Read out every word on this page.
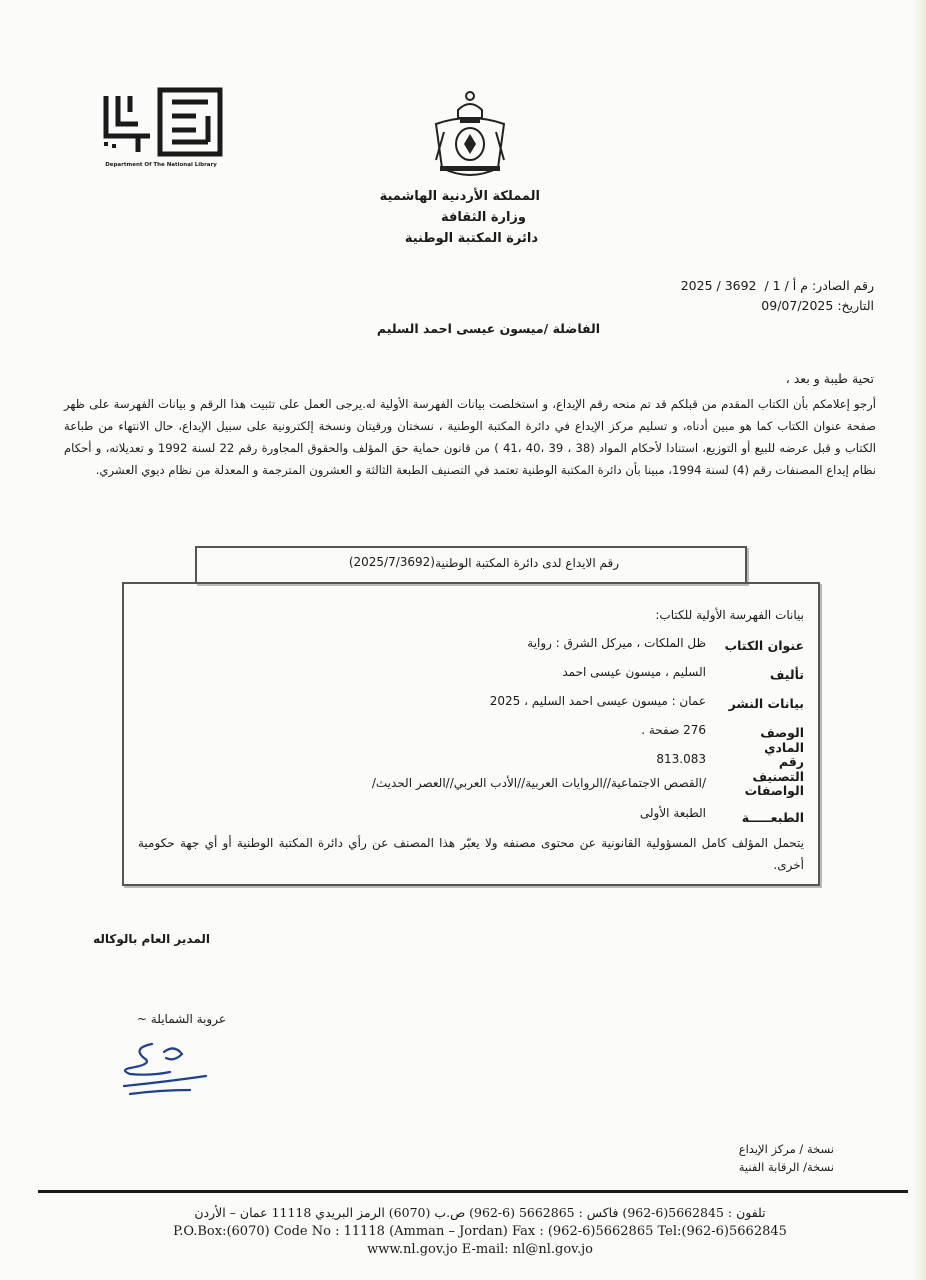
Department Of The National Library
المملكة الأردنية الهاشمية
وزارة الثقافة
دائرة المكتبة الوطنية
رقم الصادر: م أ / 1 / 2025 / 3692
التاريخ: 09/07/2025
الفاضلة /ميسون عيسى احمد السليم
تحية طيبة و بعد ،
أرجو إعلامكم بأن الكتاب المقدم من قبلكم قد تم منحه رقم الإيداع، و استخلصت بيانات الفهرسة الأولية له.يرجى العمل على تثبيت هذا الرقم و بيانات الفهرسة على ظهر صفحة عنوان الكتاب كما هو مبين أدناه، و تسليم مركز الإيداع في دائرة المكتبة الوطنية ، نسختان ورقيتان ونسخة إلكترونية على سبيل الإيداع، حال الانتهاء من طباعة الكتاب و قبل عرضه للبيع أو التوزيع، استنادا لأحكام المواد (38 ، 39 ،40 ،41 ) من قانون حماية حق المؤلف والحقوق المجاورة رقم 22 لسنة 1992 و تعديلاته، و أحكام نظام إيداع المصنفات رقم (4) لسنة 1994، مبينا بأن دائرة المكتبة الوطنية تعتمد في التصنيف الطبعة الثالثة و العشرون المترجمة و المعدلة من نظام ديوي العشري.
رقم الايداع لدى دائرة المكتبة الوطنية
(2025/7/3692)
بيانات الفهرسة الأولية للكتاب:
عنوان الكتاب
ظل الملكات ، ميركل الشرق : رواية
تأليف
السليم ، ميسون عيسى احمد
بيانات النشر
عمان : ميسون عيسى احمد السليم ، 2025
الوصف المادي
276 صفحة .
رقم التصنيف
813.083
الواصفات
/القصص الاجتماعية//الروايات العربية//الأدب العربي//العصر الحديث/
الطبعـــــة
الطبعة الأولى
يتحمل المؤلف كامل المسؤولية القانونية عن محتوى مصنفه ولا يعبّر هذا المصنف عن رأي دائرة المكتبة الوطنية أو أي جهة حكومية أخرى.
المدير العام بالوكاله
عروبة الشمايلة ~
نسخة / مركز الإيداع
نسخة/ الرقابة الفنية
تلفون : 5662845(6-962) فاكس : 5662865 (6-962) ص.ب (6070) الرمز البريدي 11118 عمان – الأردن
P.O.Box:(6070) Code No : 11118 (Amman – Jordan) Fax : (962-6)5662865 Tel:(962-6)5662845
www.nl.gov.jo E-mail: nl@nl.gov.jo
